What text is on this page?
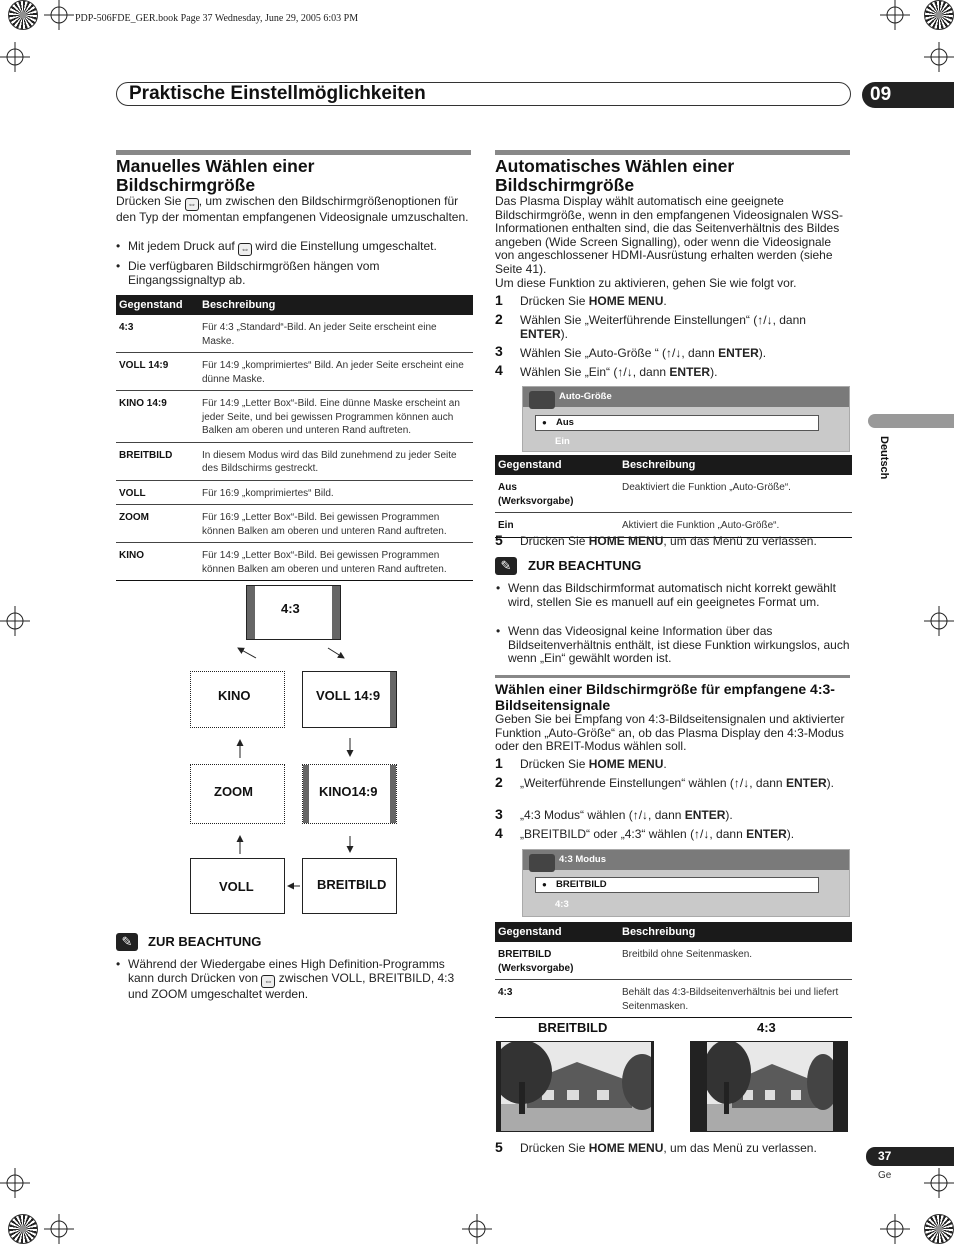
PDP-506FDE_GER.book Page 37 Wednesday, June 29, 2005 6:03 PM
Praktische Einstellmöglichkeiten	09
Deutsch
Manuelles Wählen einer Bildschirmgröße
Drücken Sie ⇔ , um zwischen den Bildschirmgrößenoptionen für den Typ der momentan empfangenen Videosignale umzuschalten.
• Mit jedem Druck auf ⇔ wird die Einstellung umgeschaltet.
• Die verfügbaren Bildschirmgrößen hängen vom Eingangssignaltyp ab.
Gegenstand	Beschreibung
4:3	Für 4:3 „Standard“-Bild. An jeder Seite erscheint eine Maske.
VOLL 14:9	Für 14:9 „komprimiertes“ Bild. An jeder Seite erscheint eine dünne Maske.
KINO 14:9	Für 14:9 „Letter Box“-Bild. Eine dünne Maske erscheint an jeder Seite, und bei gewissen Programmen können auch Balken am oberen und unteren Rand auftreten.
BREITBILD	In diesem Modus wird das Bild zunehmend zu jeder Seite des Bildschirms gestreckt.
VOLL	Für 16:9 „komprimiertes“ Bild.
ZOOM	Für 16:9 „Letter Box“-Bild. Bei gewissen Programmen können Balken am oberen und unteren Rand auftreten.
KINO	Für 14:9 „Letter Box“-Bild. Bei gewissen Programmen können Balken am oberen und unteren Rand auftreten.
4:3
KINO	VOLL 14:9
ZOOM	KINO14:9
VOLL	BREITBILD
✎	ZUR BEACHTUNG
• Während der Wiedergabe eines High Definition-Programms kann durch Drücken von ⇔ zwischen VOLL, BREITBILD, 4:3 und ZOOM umgeschaltet werden.
Automatisches Wählen einer Bildschirmgröße
Das Plasma Display wählt automatisch eine geeignete Bildschirmgröße, wenn in den empfangenen Videosignalen WSS-Informationen enthalten sind, die das Seitenverhältnis des Bildes angeben (Wide Screen Signalling), oder wenn die Videosignale von angeschlossener HDMI-Ausrüstung erhalten werden (siehe Seite 41).
Um diese Funktion zu aktivieren, gehen Sie wie folgt vor.
1 Drücken Sie HOME MENU.
2 Wählen Sie „Weiterführende Einstellungen“ (↑/↓, dann ENTER).
3 Wählen Sie „Auto-Größe “ (↑/↓, dann ENTER).
4 Wählen Sie „Ein“ (↑/↓, dann ENTER).
Auto-Größe
● Aus
Ein
Gegenstand	Beschreibung
Aus
(Werksvorgabe)	Deaktiviert die Funktion „Auto-Größe“.
Ein	Aktiviert die Funktion „Auto-Größe“.
5 Drücken Sie HOME MENU, um das Menü zu verlassen.
✎	ZUR BEACHTUNG
• Wenn das Bildschirmformat automatisch nicht korrekt gewählt wird, stellen Sie es manuell auf ein geeignetes Format um.
• Wenn das Videosignal keine Information über das Bildseitenverhältnis enthält, ist diese Funktion wirkungslos, auch wenn „Ein“ gewählt worden ist.
Wählen einer Bildschirmgröße für empfangene 4:3-Bildseitensignale
Geben Sie bei Empfang von 4:3-Bildseitensignalen und aktivierter Funktion „Auto-Größe“ an, ob das Plasma Display den 4:3-Modus oder den BREIT-Modus wählen soll.
1 Drücken Sie HOME MENU.
2 „Weiterführende Einstellungen“ wählen (↑/↓, dann ENTER).
3 „4:3 Modus“ wählen (↑/↓, dann ENTER).
4 „BREITBILD“ oder „4:3“ wählen (↑/↓, dann ENTER).
4:3 Modus
● BREITBILD
4:3
Gegenstand	Beschreibung
BREITBILD
(Werksvorgabe)	Breitbild ohne Seitenmasken.
4:3	Behält das 4:3-Bildseitenverhältnis bei und liefert Seitenmasken.
BREITBILD	4:3
5 Drücken Sie HOME MENU, um das Menü zu verlassen.
37
Ge
